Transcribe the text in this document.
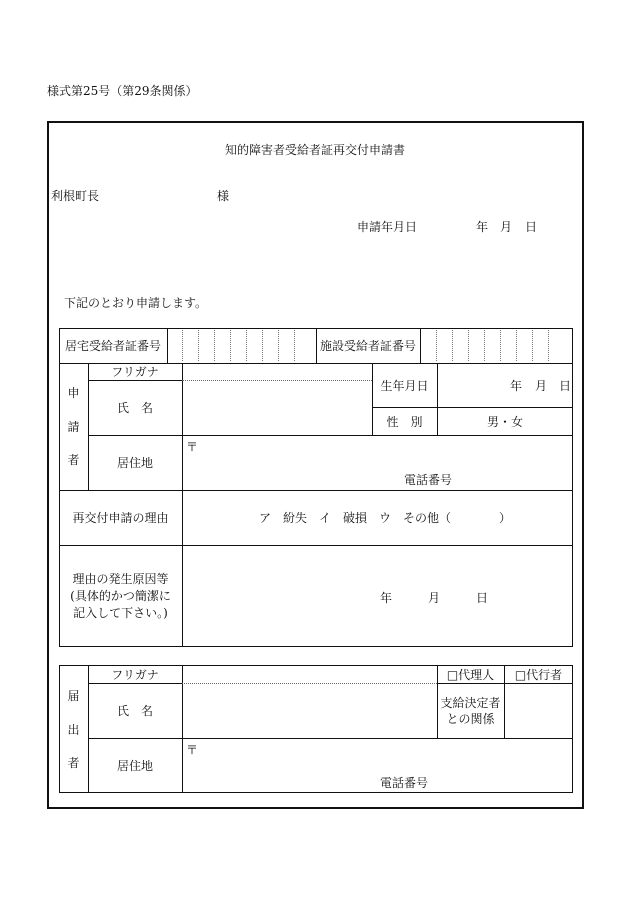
様式第25号（第29条関係）
知的障害者受給者証再交付申請書
利根町長	様
申請年月日	年 月 日
下記のとおり申請します。
居宅受給者証番号	施設受給者証番号
申
請
者
フリガナ
氏　名
生年月日	年 月 日
性　別	男・女
居住地
〒
電話番号
再交付申請の理由	ア　紛失　イ　破損　ウ　その他（　　　　）
理由の発生原因等
(具体的かつ簡潔に
記入して下さい。)
年	月	日
届
出
者
フリガナ
氏　名
□代理人	□代行者
支給決定者
との関係
居住地
〒
電話番号
